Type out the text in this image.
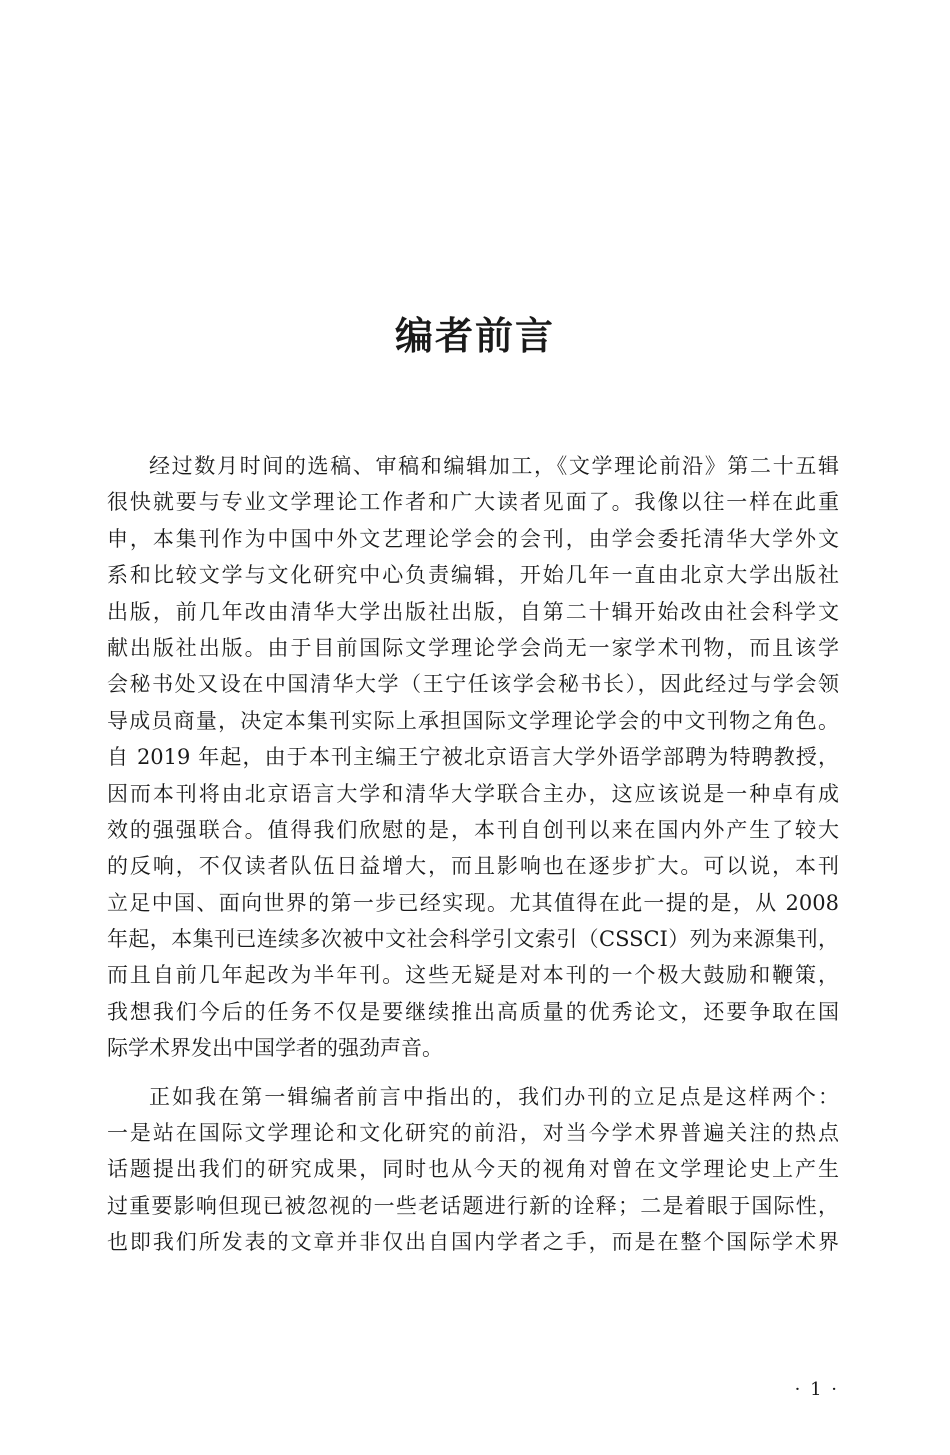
编者前言
经过数月时间的选稿、审稿和编辑加工，《文学理论前沿》第二十五辑
很快就要与专业文学理论工作者和广大读者见面了。我像以往一样在此重
申，本集刊作为中国中外文艺理论学会的会刊，由学会委托清华大学外文
系和比较文学与文化研究中心负责编辑，开始几年一直由北京大学出版社
出版，前几年改由清华大学出版社出版，自第二十辑开始改由社会科学文
献出版社出版。由于目前国际文学理论学会尚无一家学术刊物，而且该学
会秘书处又设在中国清华大学（王宁任该学会秘书长），因此经过与学会领
导成员商量，决定本集刊实际上承担国际文学理论学会的中文刊物之角色。
自 2019 年起，由于本刊主编王宁被北京语言大学外语学部聘为特聘教授，
因而本刊将由北京语言大学和清华大学联合主办，这应该说是一种卓有成
效的强强联合。值得我们欣慰的是，本刊自创刊以来在国内外产生了较大
的反响，不仅读者队伍日益增大，而且影响也在逐步扩大。可以说，本刊
立足中国、面向世界的第一步已经实现。尤其值得在此一提的是，从 2008
年起，本集刊已连续多次被中文社会科学引文索引（CSSCI）列为来源集刊，
而且自前几年起改为半年刊。这些无疑是对本刊的一个极大鼓励和鞭策，
我想我们今后的任务不仅是要继续推出高质量的优秀论文，还要争取在国
际学术界发出中国学者的强劲声音。
正如我在第一辑编者前言中指出的，我们办刊的立足点是这样两个：
一是站在国际文学理论和文化研究的前沿，对当今学术界普遍关注的热点
话题提出我们的研究成果，同时也从今天的视角对曾在文学理论史上产生
过重要影响但现已被忽视的一些老话题进行新的诠释；二是着眼于国际性，
也即我们所发表的文章并非仅出自国内学者之手，而是在整个国际学术界
· 1 ·
